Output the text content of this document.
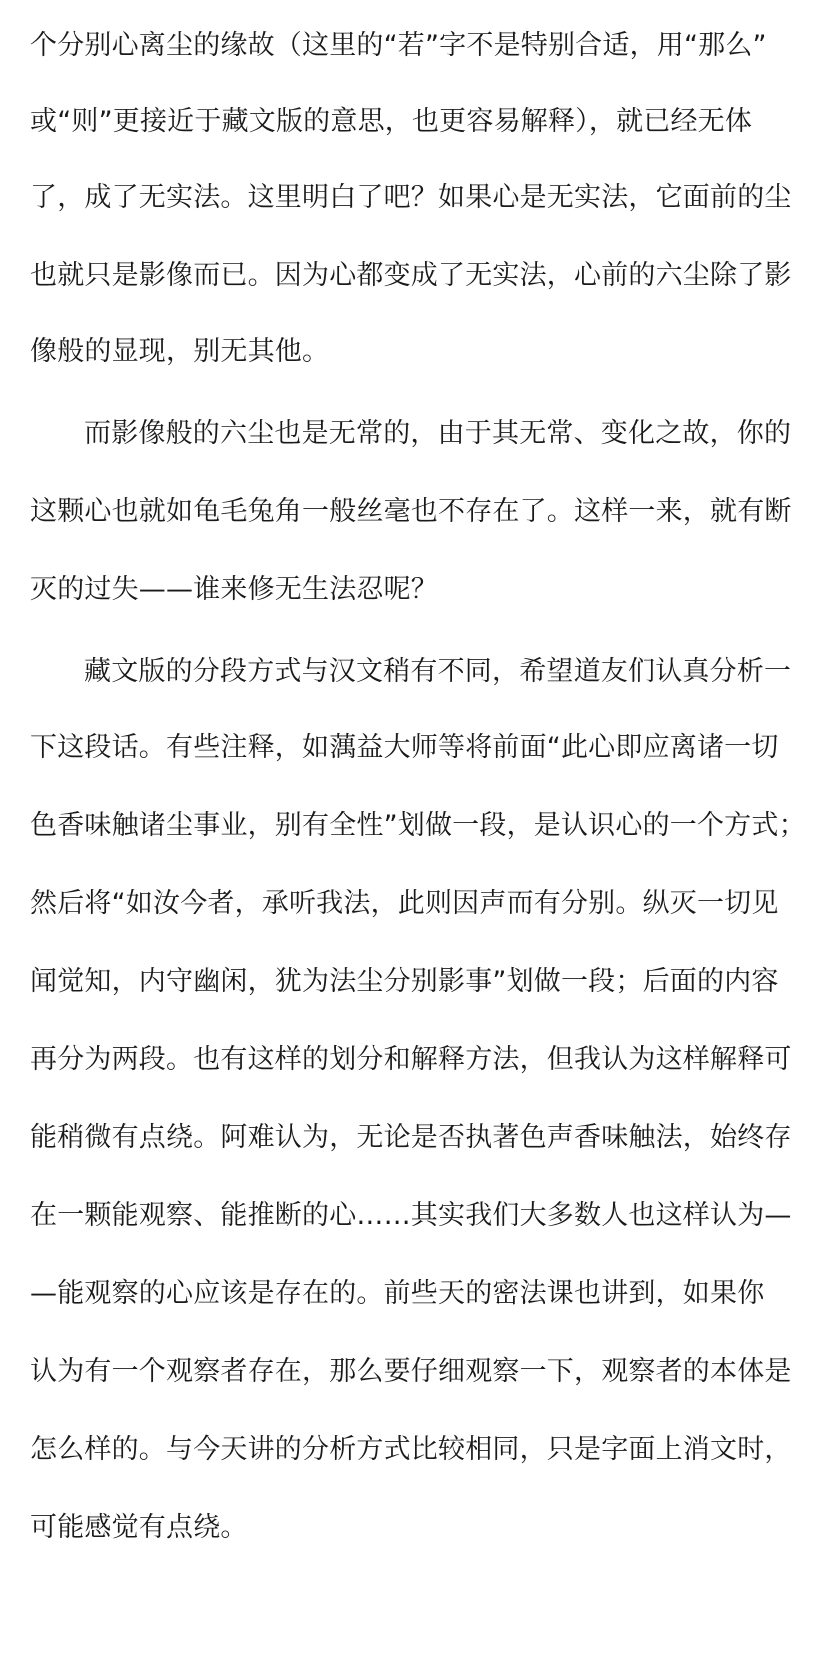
个分别心离尘的缘故（这里的“若”字不是特别合适，用“那么”
或“则”更接近于藏文版的意思，也更容易解释），就已经无体
了，成了无实法。这里明白了吧？如果心是无实法，它面前的尘
也就只是影像而已。因为心都变成了无实法，心前的六尘除了影
像般的显现，别无其他。
而影像般的六尘也是无常的，由于其无常、变化之故，你的
这颗心也就如龟毛兔角一般丝毫也不存在了。这样一来，就有断
灭的过失——谁来修无生法忍呢？
藏文版的分段方式与汉文稍有不同，希望道友们认真分析一
下这段话。有些注释，如蕅益大师等将前面“此心即应离诸一切
色香味触诸尘事业，别有全性”划做一段，是认识心的一个方式；
然后将“如汝今者，承听我法，此则因声而有分别。纵灭一切见
闻觉知，内守幽闲，犹为法尘分别影事”划做一段；后面的内容
再分为两段。也有这样的划分和解释方法，但我认为这样解释可
能稍微有点绕。阿难认为，无论是否执著色声香味触法，始终存
在一颗能观察、能推断的心……其实我们大多数人也这样认为—
—能观察的心应该是存在的。前些天的密法课也讲到，如果你
认为有一个观察者存在，那么要仔细观察一下，观察者的本体是
怎么样的。与今天讲的分析方式比较相同，只是字面上消文时，
可能感觉有点绕。
